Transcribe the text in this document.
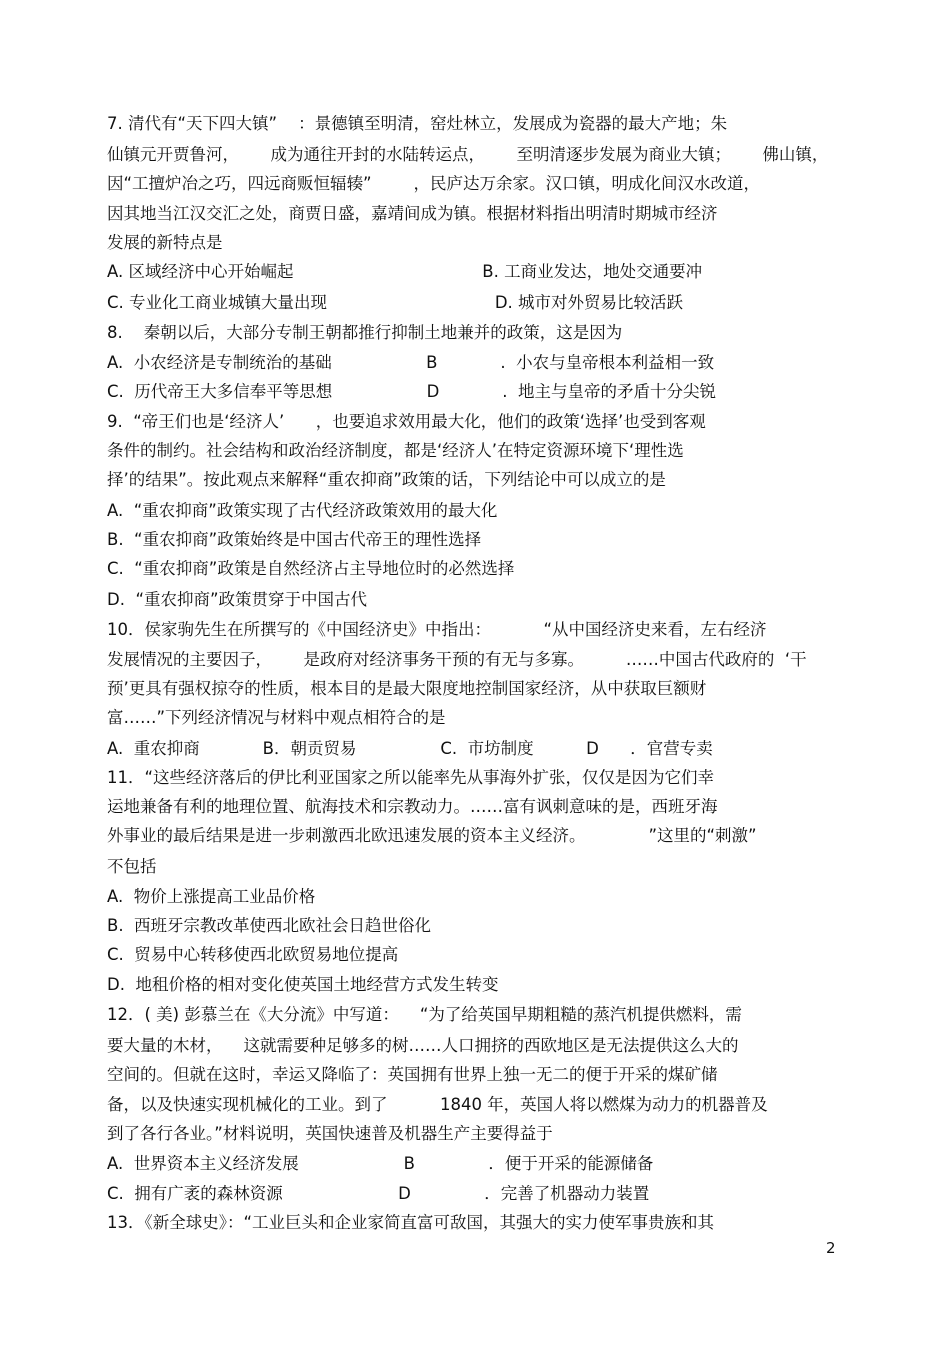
7. 清代有“天下四大镇”    ：景德镇至明清，窑灶林立，发展成为瓷器的最大产地；朱
仙镇元开贾鲁河，      成为通往开封的水陆转运点，      至明清逐步发展为商业大镇；      佛山镇，
因“工擅炉冶之巧，四远商贩恒辐辏”        ，民庐达万余家。汉口镇，明成化间汉水改道，
因其地当江汉交汇之处，商贾日盛，嘉靖间成为镇。根据材料指出明清时期城市经济
发展的新特点是
A. 区域经济中心开始崛起                                    B. 工商业发达，地处交通要冲
C. 专业化工商业城镇大量出现                                D. 城市对外贸易比较活跃
8.    秦朝以后，大部分专制王朝都推行抑制土地兼并的政策，这是因为
A.  小农经济是专制统治的基础                  B            .  小农与皇帝根本利益相一致
C.  历代帝王大多信奉平等思想                  D            .  地主与皇帝的矛盾十分尖锐
9.  “帝王们也是‘经济人’      ，也要追求效用最大化，他们的政策‘选择’也受到客观
条件的制约。社会结构和政治经济制度，都是‘经济人’在特定资源环境下‘理性选
择’的结果”。按此观点来解释“重农抑商”政策的话，下列结论中可以成立的是
A.  “重农抑商”政策实现了古代经济政策效用的最大化
B.  “重农抑商”政策始终是中国古代帝王的理性选择
C.  “重农抑商”政策是自然经济占主导地位时的必然选择
D.  “重农抑商”政策贯穿于中国古代
10．侯家驹先生在所撰写的《中国经济史》中指出：          “从中国经济史来看，左右经济
发展情况的主要因子，      是政府对经济事务干预的有无与多寡。        ……中国古代政府的  ‘干
预’更具有强权掠夺的性质，根本目的是最大限度地控制国家经济，从中获取巨额财
富……”下列经济情况与材料中观点相符合的是
A.  重农抑商            B．朝贡贸易                C.  市坊制度          D      ．官营专卖
11．“这些经济落后的伊比利亚国家之所以能率先从事海外扩张，仅仅是因为它们幸
运地兼备有利的地理位置、航海技术和宗教动力。……富有讽刺意味的是，西班牙海
外事业的最后结果是进一步刺激西北欧迅速发展的资本主义经济。            ”这里的“刺激”
不包括
A.  物价上涨提高工业品价格
B.  西班牙宗教改革使西北欧社会日趋世俗化
C.  贸易中心转移使西北欧贸易地位提高
D.  地租价格的相对变化使英国土地经营方式发生转变
12．( 美) 彭慕兰在《大分流》中写道：    “为了给英国早期粗糙的蒸汽机提供燃料，需
要大量的木材，    这就需要种足够多的树……人口拥挤的西欧地区是无法提供这么大的
空间的。但就在这时，幸运又降临了：英国拥有世界上独一无二的便于开采的煤矿储
备，以及快速实现机械化的工业。到了          1840 年，英国人将以燃煤为动力的机器普及
到了各行各业。”材料说明，英国快速普及机器生产主要得益于
A.  世界资本主义经济发展                    B              ．便于开采的能源储备
C.  拥有广袤的森林资源                      D              ．完善了机器动力装置
13．《新全球史》：“工业巨头和企业家简直富可敌国，其强大的实力使军事贵族和其
2
